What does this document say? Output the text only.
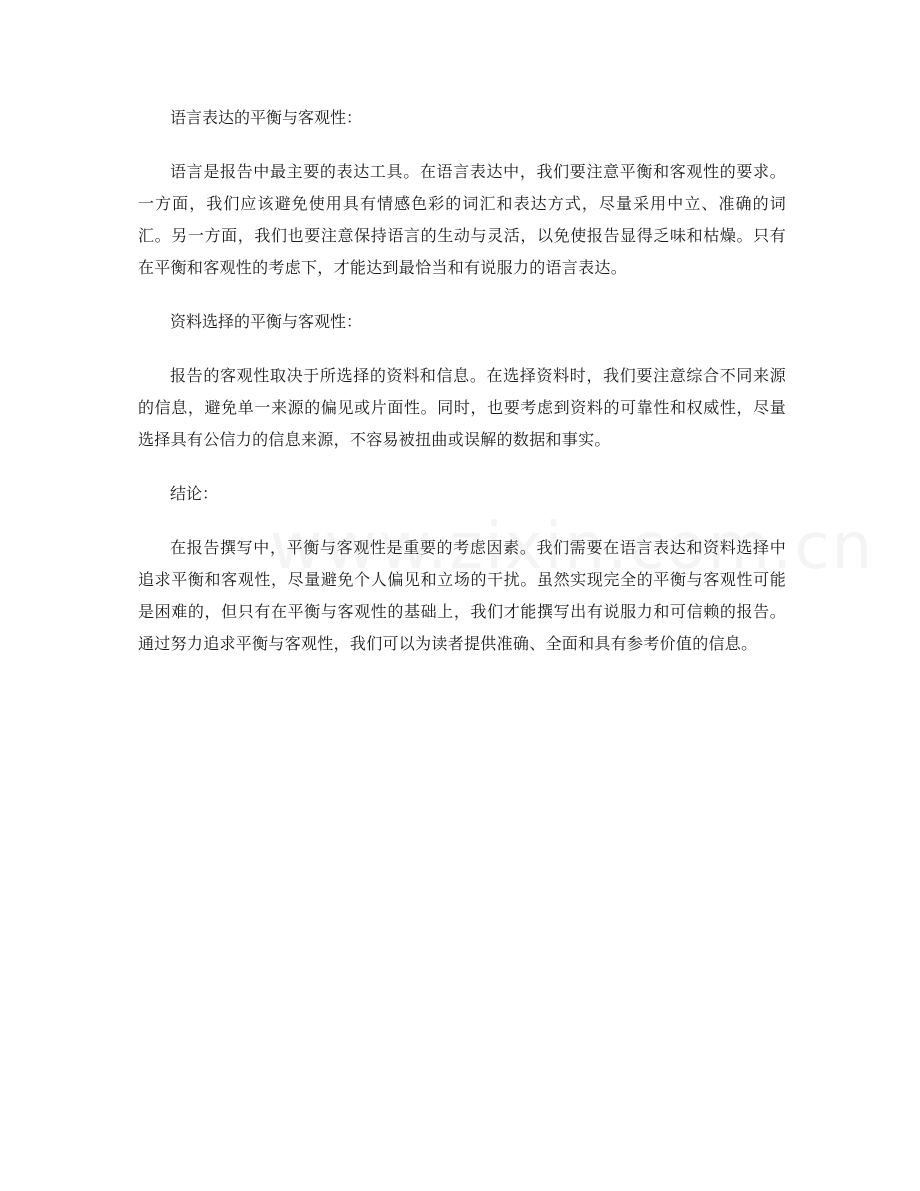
语言表达的平衡与客观性：

语言是报告中最主要的表达工具。在语言表达中，我们要注意平衡和客观性的要求。一方面，我们应该避免使用具有情感色彩的词汇和表达方式，尽量采用中立、准确的词汇。另一方面，我们也要注意保持语言的生动与灵活，以免使报告显得乏味和枯燥。只有在平衡和客观性的考虑下，才能达到最恰当和有说服力的语言表达。

资料选择的平衡与客观性：

报告的客观性取决于所选择的资料和信息。在选择资料时，我们要注意综合不同来源的信息，避免单一来源的偏见或片面性。同时，也要考虑到资料的可靠性和权威性，尽量选择具有公信力的信息来源，不容易被扭曲或误解的数据和事实。

结论：

在报告撰写中，平衡与客观性是重要的考虑因素。我们需要在语言表达和资料选择中追求平衡和客观性，尽量避免个人偏见和立场的干扰。虽然实现完全的平衡与客观性可能是困难的，但只有在平衡与客观性的基础上，我们才能撰写出有说服力和可信赖的报告。通过努力追求平衡与客观性，我们可以为读者提供准确、全面和具有参考价值的信息。
